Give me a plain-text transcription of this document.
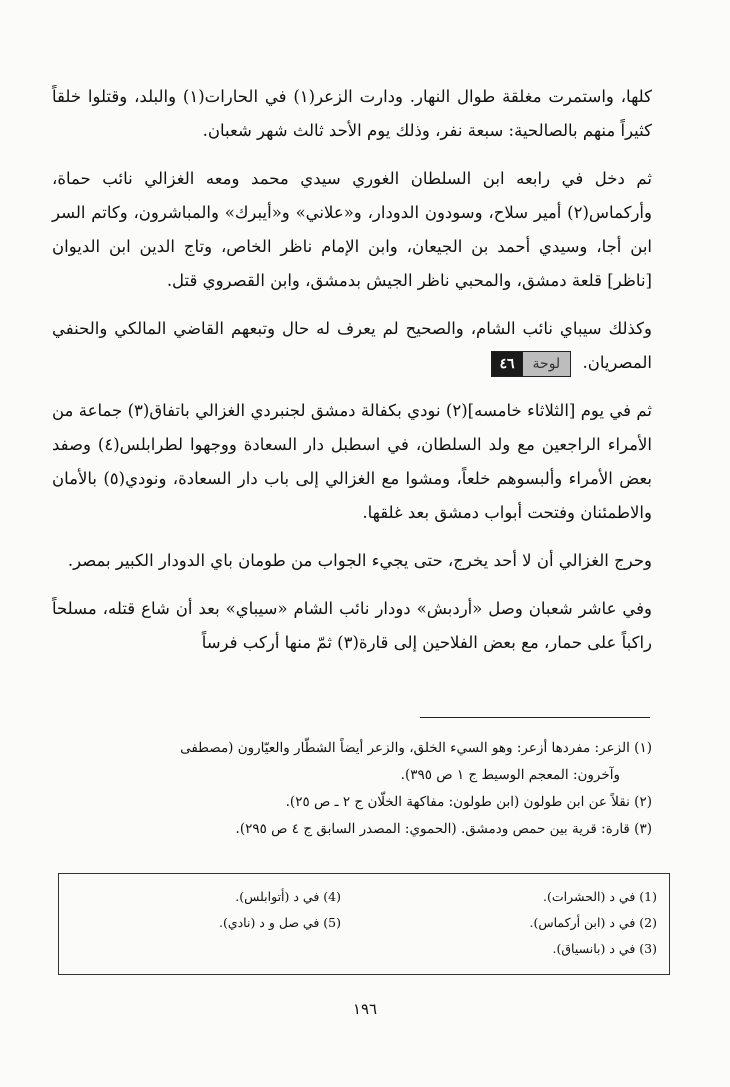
كلها، واستمرت مغلقة طوال النهار. ودارت الزعر(١) في الحارات(١) والبلد، وقتلوا خلقاً كثيراً منهم بالصالحية: سبعة نفر، وذلك يوم الأحد ثالث شهر شعبان.

ثم دخل في رابعه ابن السلطان الغوري سيدي محمد ومعه الغزالي نائب حماة، وأركماس(٢) أمير سلاح، وسودون الدودار، و«علاني» و«أيبرك» والمباشرون، وكاتم السر ابن أجا، وسيدي أحمد بن الجيعان، وابن الإمام ناظر الخاص، وتاج الدين ابن الديوان [ناظر] قلعة دمشق، والمحبي ناظر الجيش بدمشق، وابن القصروي قتل.

وكذلك سيباي نائب الشام، والصحيح لم يعرف له حال وتبعهم القاضي المالكي والحنفي المصريان.
٤٦	لوحة

ثم في يوم [الثلاثاء خامسه](٢) نودي بكفالة دمشق لجنبردي الغزالي باتفاق(٣) جماعة من الأمراء الراجعين مع ولد السلطان، في اسطبل دار السعادة ووجهوا لطرابلس(٤) وصفد بعض الأمراء وألبسوهم خلعاً، ومشوا مع الغزالي إلى باب دار السعادة، ونودي(٥) بالأمان والاطمئنان وفتحت أبواب دمشق بعد غلقها.

وحرج الغزالي أن لا أحد يخرج، حتى يجيء الجواب من طومان باي الدودار الكبير بمصر.

وفي عاشر شعبان وصل «أردبش» دودار نائب الشام «سيباي» بعد أن شاع قتله، مسلحاً راكباً على حمار، مع بعض الفلاحين إلى قارة(٣) ثمّ منها أركب فرساً

(١) الزعر: مفردها أزعر: وهو السيء الخلق، والزعر أيضاً الشطّار والعيّارون (مصطفى
وآخرون: المعجم الوسيط ج ١ ص ٣٩٥).
(٢) نقلاً عن ابن طولون (ابن طولون: مفاكهة الخلّان ج ٢ ـ ص ٢٥).
(٣) قارة: قرية بين حمص ودمشق. (الحموي: المصدر السابق ج ٤ ص ٢٩٥).
(1) في د (الحشرات).
(2) في د (ابن أركماس).
(3) في د (بانسياق).
(4) في د (أتوابلس).
(5) في صل و د (نادي).
١٩٦
